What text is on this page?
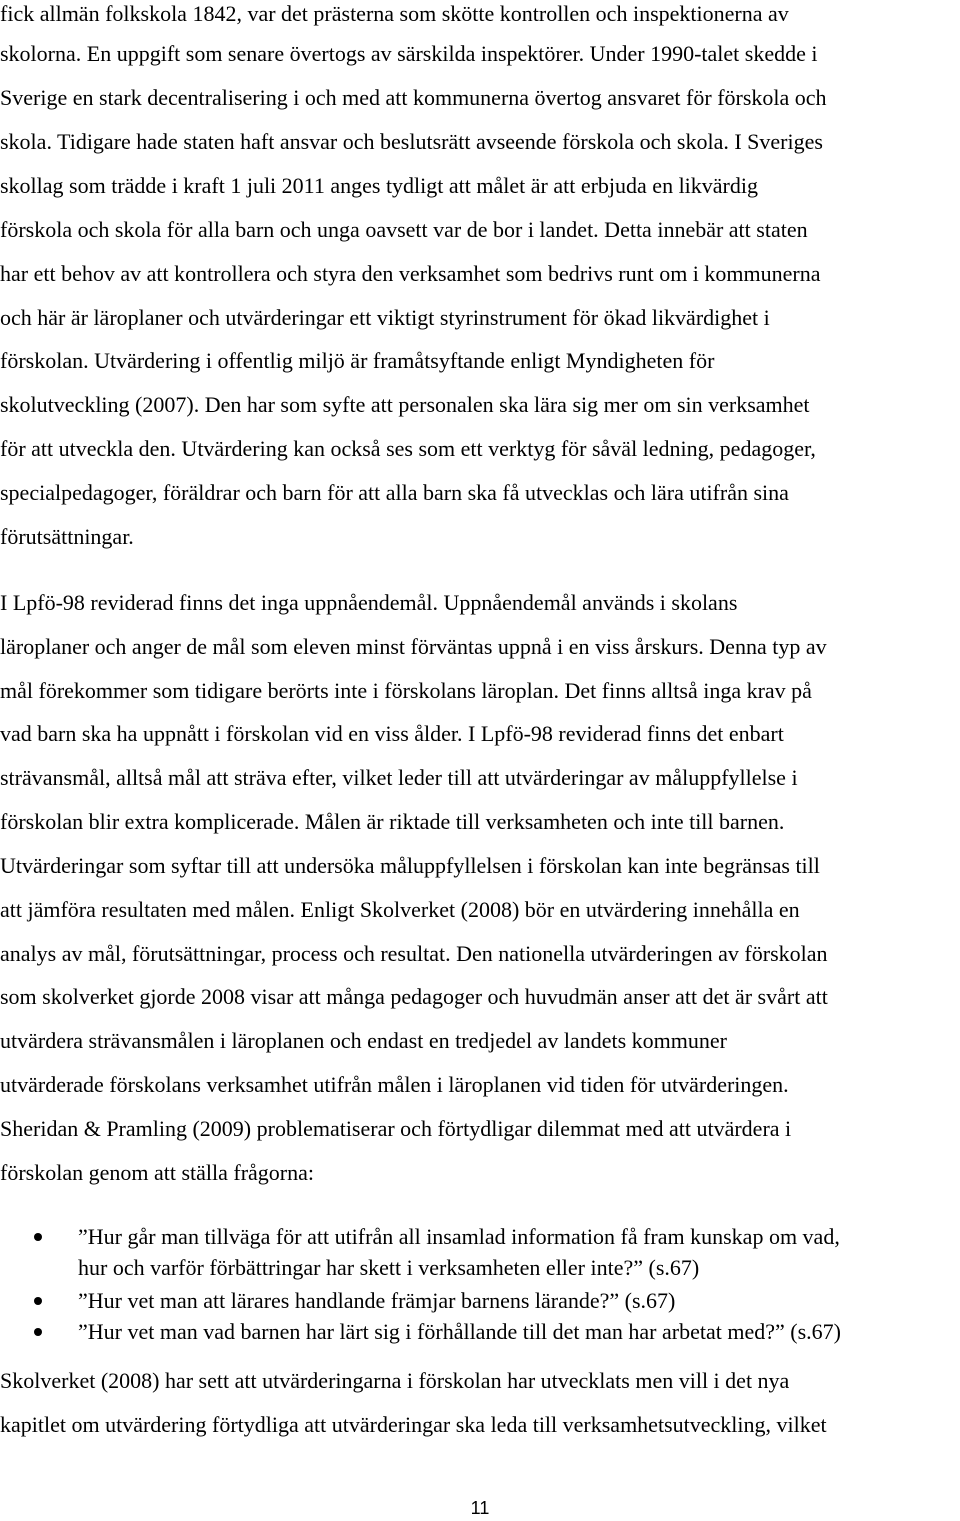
fick allmän folkskola 1842, var det prästerna som skötte kontrollen och inspektionerna av
skolorna. En uppgift som senare övertogs av särskilda inspektörer. Under 1990-talet skedde i
Sverige en stark decentralisering i och med att kommunerna övertog ansvaret för förskola och
skola. Tidigare hade staten haft ansvar och beslutsrätt avseende förskola och skola. I Sveriges
skollag som trädde i kraft 1 juli 2011 anges tydligt att målet är att erbjuda en likvärdig
förskola och skola för alla barn och unga oavsett var de bor i landet. Detta innebär att staten
har ett behov av att kontrollera och styra den verksamhet som bedrivs runt om i kommunerna
och här är läroplaner och utvärderingar ett viktigt styrinstrument för ökad likvärdighet i
förskolan. Utvärdering i offentlig miljö är framåtsyftande enligt Myndigheten för
skolutveckling (2007). Den har som syfte att personalen ska lära sig mer om sin verksamhet
för att utveckla den. Utvärdering kan också ses som ett verktyg för såväl ledning, pedagoger,
specialpedagoger, föräldrar och barn för att alla barn ska få utvecklas och lära utifrån sina
förutsättningar.
I Lpfö-98 reviderad finns det inga uppnåendemål. Uppnåendemål används i skolans
läroplaner och anger de mål som eleven minst förväntas uppnå i en viss årskurs. Denna typ av
mål förekommer som tidigare berörts inte i förskolans läroplan. Det finns alltså inga krav på
vad barn ska ha uppnått i förskolan vid en viss ålder. I Lpfö-98 reviderad finns det enbart
strävansmål, alltså mål att sträva efter, vilket leder till att utvärderingar av måluppfyllelse i
förskolan blir extra komplicerade. Målen är riktade till verksamheten och inte till barnen.
Utvärderingar som syftar till att undersöka måluppfyllelsen i förskolan kan inte begränsas till
att jämföra resultaten med målen. Enligt Skolverket (2008) bör en utvärdering innehålla en
analys av mål, förutsättningar, process och resultat. Den nationella utvärderingen av förskolan
som skolverket gjorde 2008 visar att många pedagoger och huvudmän anser att det är svårt att
utvärdera strävansmålen i läroplanen och endast en tredjedel av landets kommuner
utvärderade förskolans verksamhet utifrån målen i läroplanen vid tiden för utvärderingen.
Sheridan & Pramling (2009) problematiserar och förtydligar dilemmat med att utvärdera i
förskolan genom att ställa frågorna:
”Hur går man tillväga för att utifrån all insamlad information få fram kunskap om vad,
hur och varför förbättringar har skett i verksamheten eller inte?” (s.67)
”Hur vet man att lärares handlande främjar barnens lärande?” (s.67)
”Hur vet man vad barnen har lärt sig i förhållande till det man har arbetat med?” (s.67)
Skolverket (2008) har sett att utvärderingarna i förskolan har utvecklats men vill i det nya
kapitlet om utvärdering förtydliga att utvärderingar ska leda till verksamhetsutveckling, vilket
11
